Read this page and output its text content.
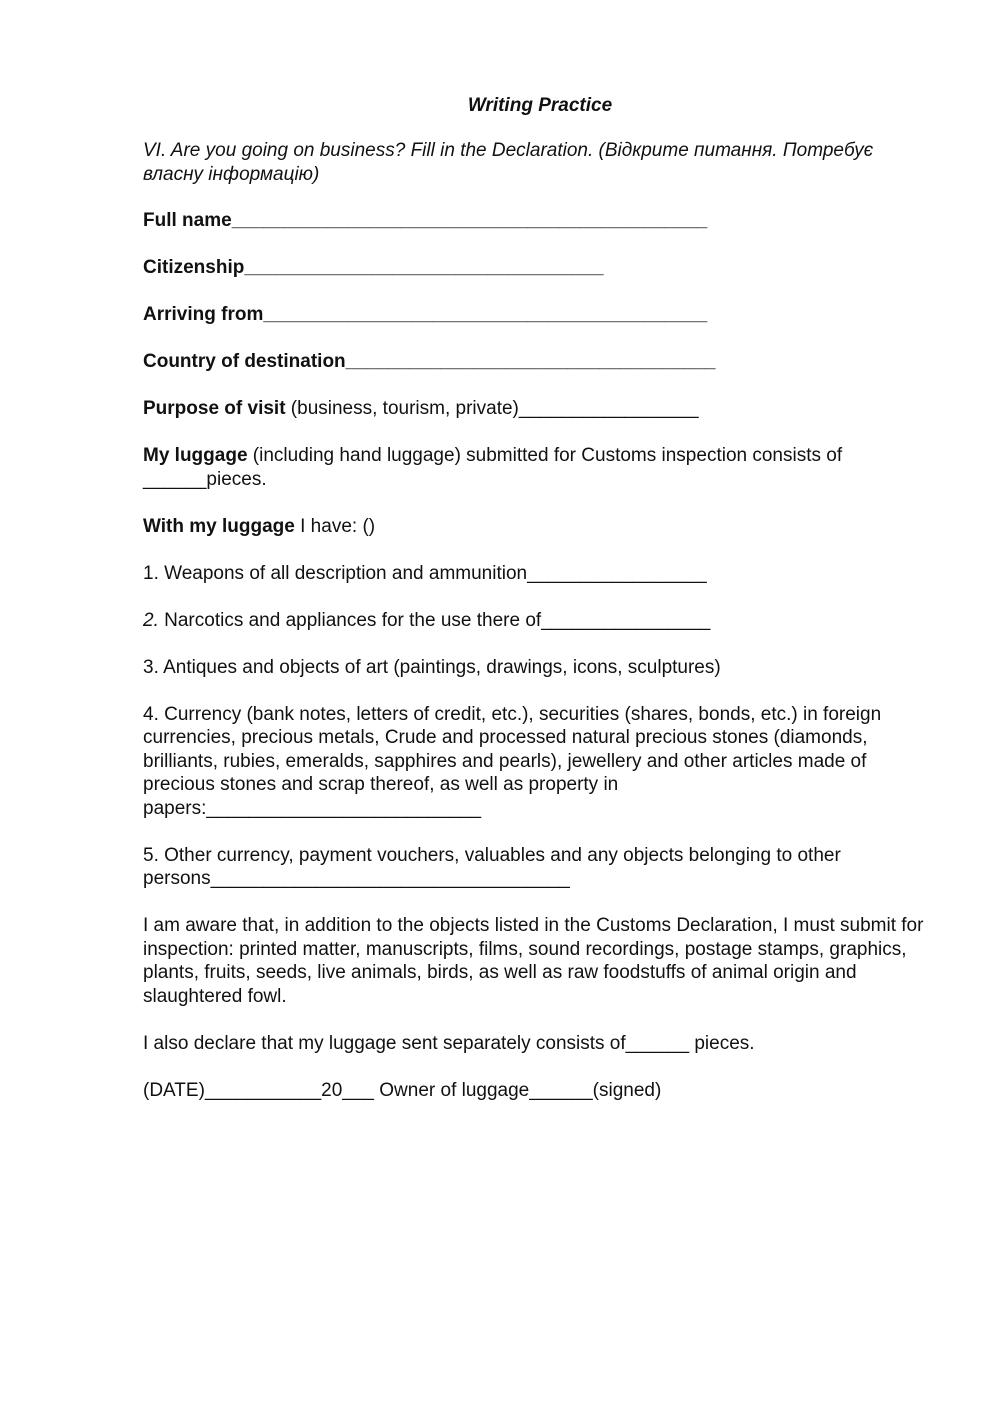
Writing Practice
VI. Are you going on business? Fill in the Declaration. (Відкрите питання. Потребує власну інформацію)
Full name_____________________________________________
Citizenship__________________________________
Arriving from__________________________________________
Country of destination___________________________________
Purpose of visit (business, tourism, private)_________________
My luggage (including hand luggage) submitted for Customs inspection consists of ______pieces.
With my luggage I have: ()
1. Weapons of all description and ammunition_________________
2. Narcotics and appliances for the use there of________________
3. Antiques and objects of art (paintings, drawings, icons, sculptures)
4. Currency (bank notes, letters of credit, etc.), securities (shares, bonds, etc.) in foreign currencies, precious metals, Crude and processed natural precious stones (diamonds, brilliants, rubies, emeralds, sapphires and pearls), jewellery and other articles made of precious stones and scrap thereof, as well as property in papers:__________________________
5. Other currency, payment vouchers, valuables and any objects belonging to other persons__________________________________
I am aware that, in addition to the objects listed in the Customs Declaration, I must submit for inspection: printed matter, manuscripts, films, sound recordings, postage stamps, graphics, plants, fruits, seeds, live animals, birds, as well as raw foodstuffs of animal origin and slaughtered fowl.
I also declare that my luggage sent separately consists of______ pieces.
(DATE)___________20___ Owner of luggage______(signed)
